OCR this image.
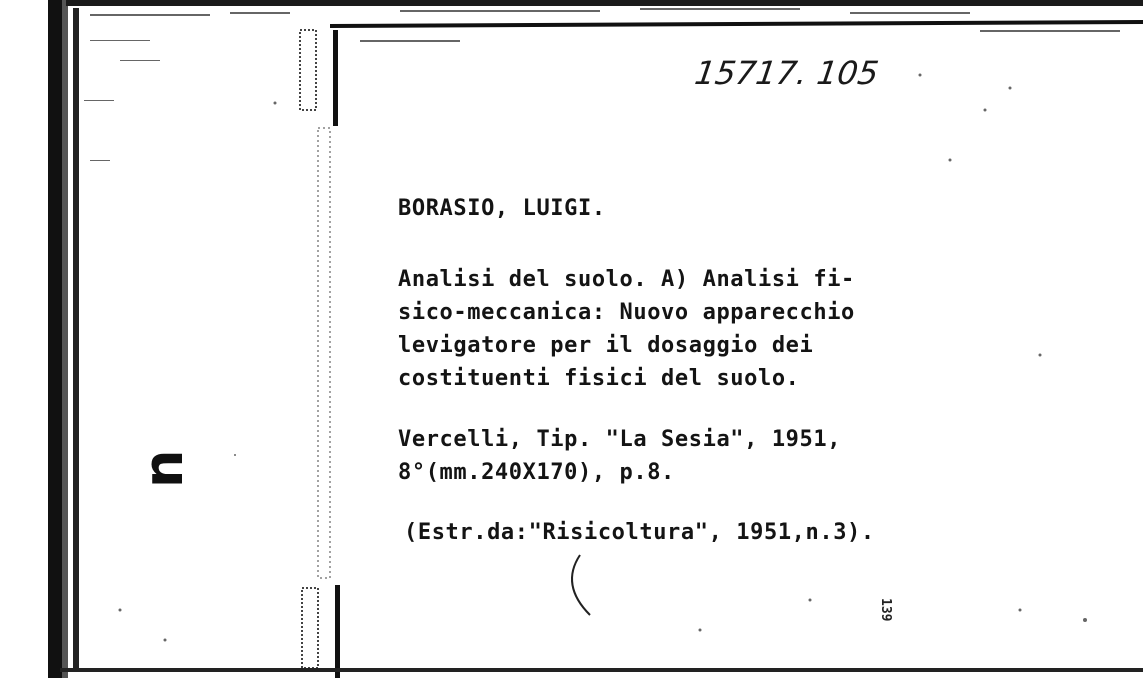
15717. 105
BORASIO, LUIGI.
Analisi del suolo. A) Analisi fi-
sico-meccanica: Nuovo apparecchio
levigatore per il dosaggio dei
costituenti fisici del suolo.
Vercelli, Tip. "La Sesia", 1951,
8°(mm.240X170), p.8.
(Estr.da:"Risicoltura", 1951,n.3).
n
139
